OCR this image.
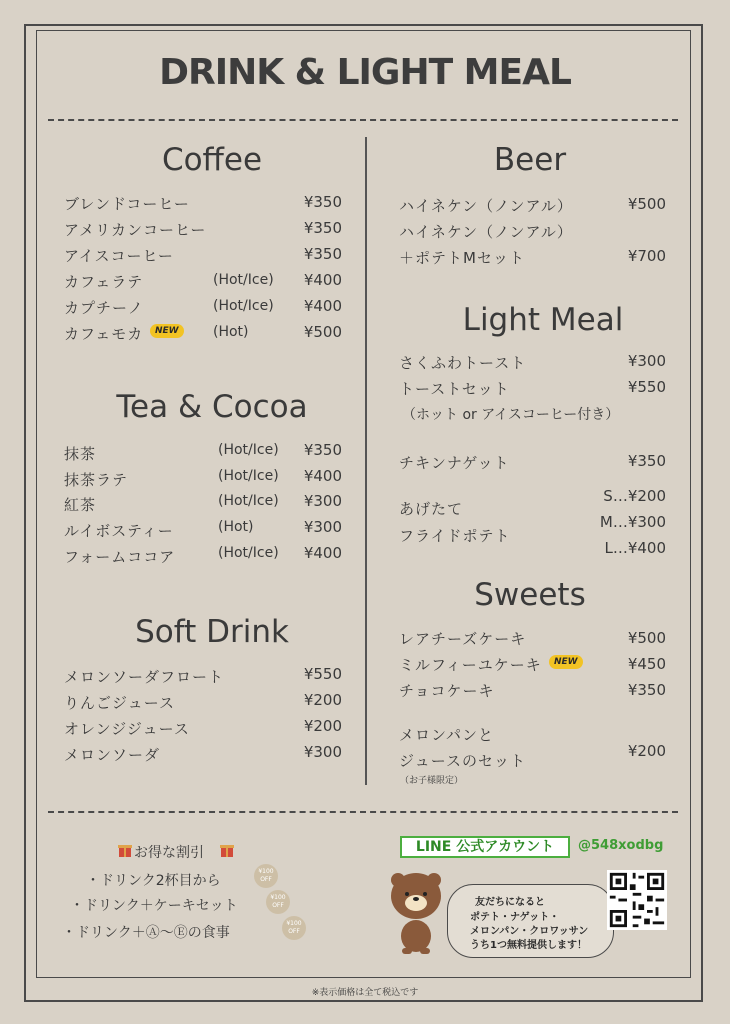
DRINK & LIGHT MEAL
Coffee
ブレンドコーヒー	¥350
アメリカンコーヒー	¥350
アイスコーヒー	¥350
カフェラテ	(Hot/Ice)	¥400
カプチーノ	(Hot/Ice)	¥400
カフェモカ	NEW	(Hot)	¥500
Tea & Cocoa
抹茶	(Hot/Ice)	¥350
抹茶ラテ	(Hot/Ice)	¥400
紅茶	(Hot/Ice)	¥300
ルイボスティー	(Hot)	¥300
フォームココア	(Hot/Ice)	¥400
Soft Drink
メロンソーダフロート	¥550
りんごジュース	¥200
オレンジジュース	¥200
メロンソーダ	¥300
Beer
ハイネケン（ノンアル）	¥500
ハイネケン（ノンアル）
＋ポテトMセット	¥700
Light Meal
さくふわトースト	¥300
トーストセット	¥550
（ホット or アイスコーヒー付き）
チキンナゲット	¥350
あげたて
フライドポテト
S…¥200
M…¥300
L…¥400
Sweets
レアチーズケーキ	¥500
ミルフィーユケーキ	NEW	¥450
チョコケーキ	¥350
メロンパンと
ジュースのセット
¥200
（お子様限定）
お得な割引
・ドリンク2杯目から
¥100
OFF
・ドリンク＋ケーキセット
¥100
OFF
・ドリンク＋Ⓐ〜Ⓔの食事
¥100
OFF
LINE 公式アカウント	@548xodbg
友だちになると
ポテト・ナゲット・
メロンパン・クロワッサン
うち1つ無料提供します！
※表示価格は全て税込です
